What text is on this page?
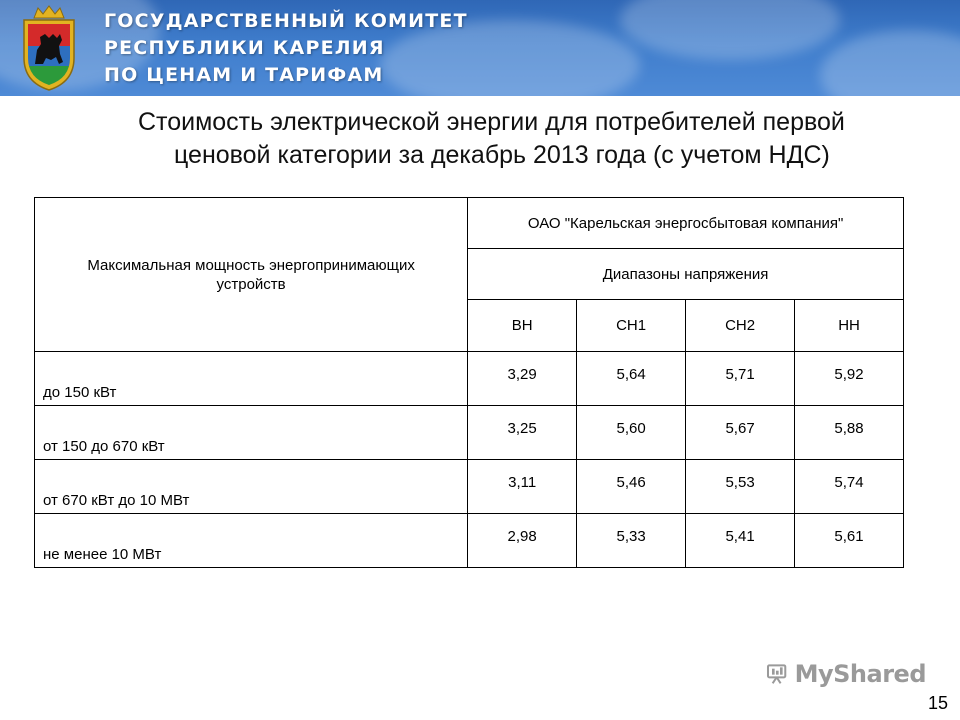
ГОСУДАРСТВЕННЫЙ КОМИТЕТ
РЕСПУБЛИКИ КАРЕЛИЯ
ПО ЦЕНАМ И ТАРИФАМ
Стоимость электрической энергии для потребителей первой
ценовой категории за декабрь 2013 года (с учетом НДС)
Максимальная мощность энергопринимающих устройств	ОАО "Карельская энергосбытовая компания"			
	Диапазоны напряжения			
	ВН	СН1	СН2	НН
до 150 кВт	3,29	5,64	5,71	5,92
от 150 до 670 кВт	3,25	5,60	5,67	5,88
от 670 кВт до 10 МВт	3,11	5,46	5,53	5,74
не менее 10 МВт	2,98	5,33	5,41	5,61
MyShared
15
